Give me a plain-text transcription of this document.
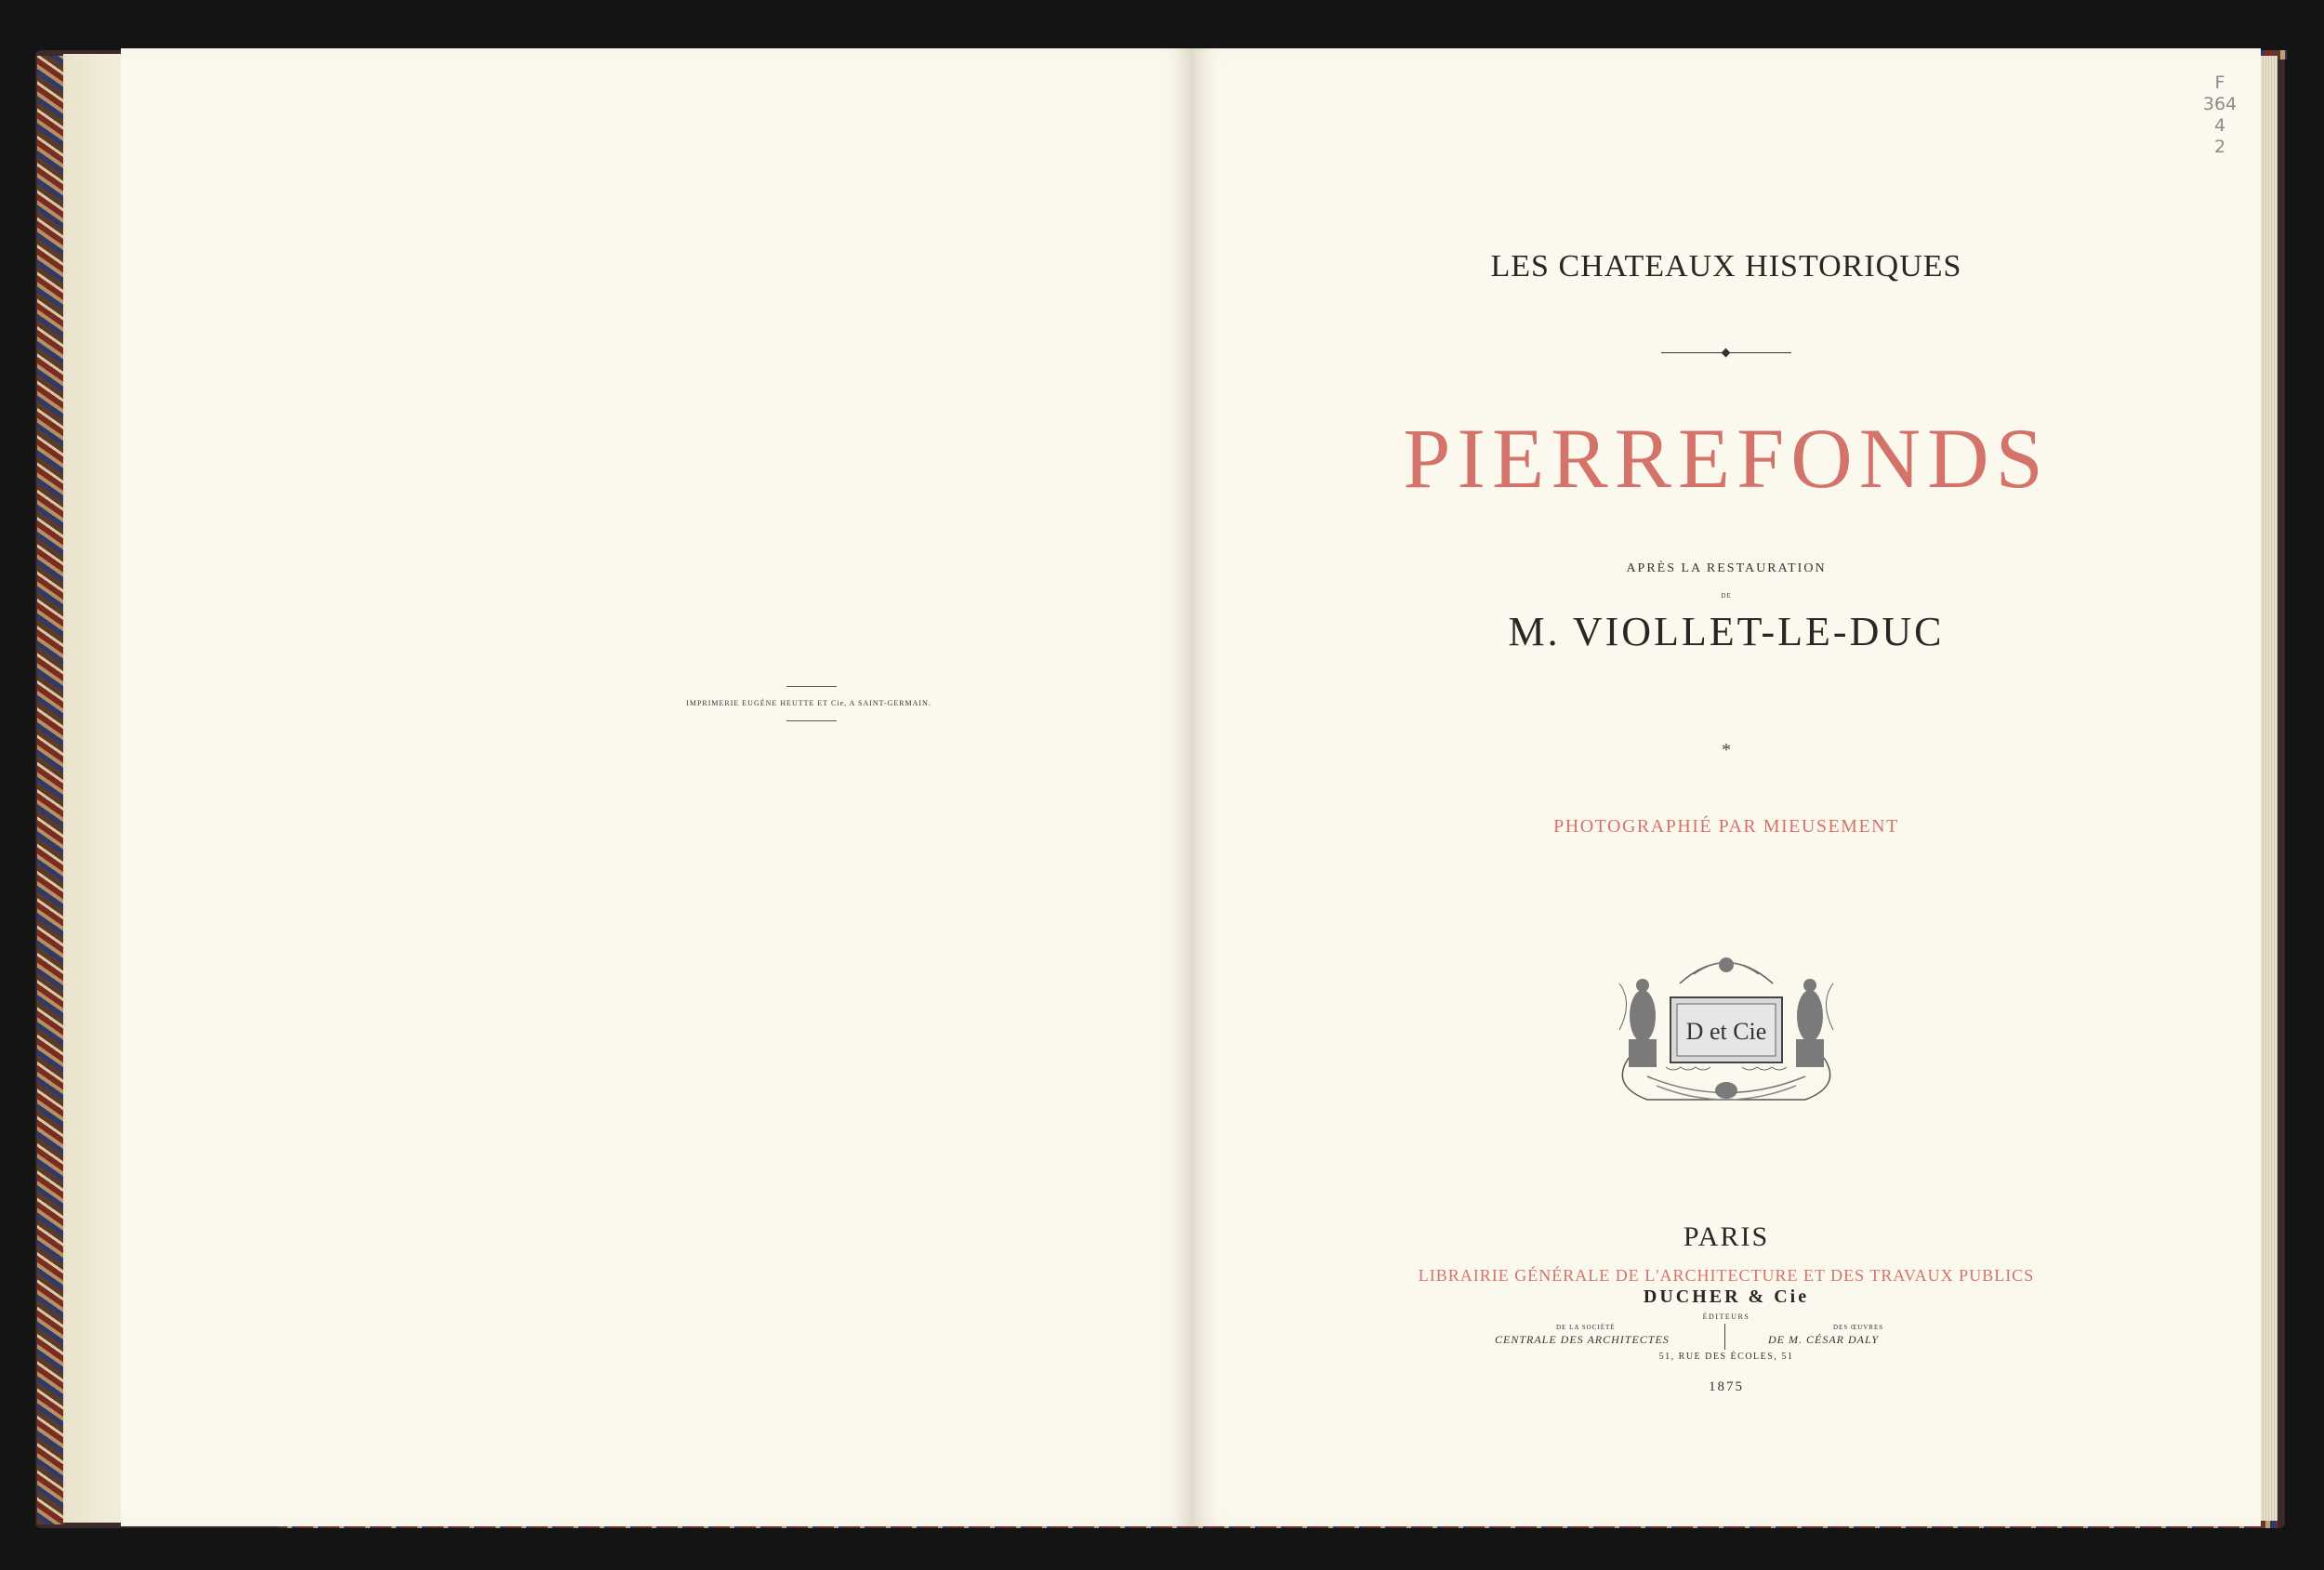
IMPRIMERIE EUGÈNE HEUTTE ET Cie, A SAINT-GERMAIN.
LES CHATEAUX HISTORIQUES
PIERREFONDS
APRÈS LA RESTAURATION
DE
M. VIOLLET-LE-DUC
*
PHOTOGRAPHIÉ PAR MIEUSEMENT
D et Cie
PARIS
LIBRAIRIE GÉNÉRALE DE L'ARCHITECTURE ET DES TRAVAUX PUBLICS
DUCHER & Cie
ÉDITEURS
DE LA SOCIÉTÉ
CENTRALE DES ARCHITECTES
DES ŒUVRES
DE M. CÉSAR DALY
51, RUE DES ÉCOLES, 51
1875
F
364
4
2
